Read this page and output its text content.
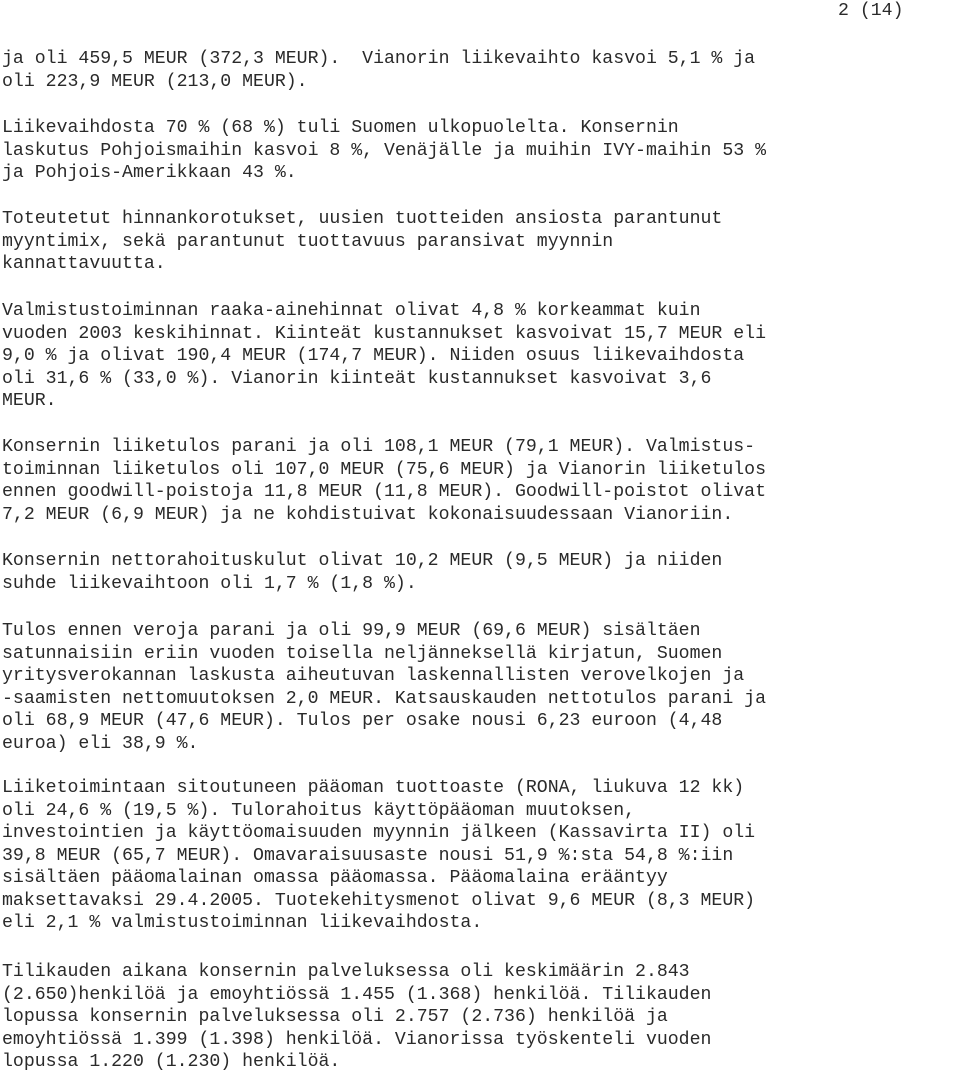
2 (14)
ja oli 459,5 MEUR (372,3 MEUR).  Vianorin liikevaihto kasvoi 5,1 % ja
oli 223,9 MEUR (213,0 MEUR).
Liikevaihdosta 70 % (68 %) tuli Suomen ulkopuolelta. Konsernin
laskutus Pohjoismaihin kasvoi 8 %, Venäjälle ja muihin IVY-maihin 53 %
ja Pohjois-Amerikkaan 43 %.
Toteutetut hinnankorotukset, uusien tuotteiden ansiosta parantunut
myyntimix, sekä parantunut tuottavuus paransivat myynnin
kannattavuutta.
Valmistustoiminnan raaka-ainehinnat olivat 4,8 % korkeammat kuin
vuoden 2003 keskihinnat. Kiinteät kustannukset kasvoivat 15,7 MEUR eli
9,0 % ja olivat 190,4 MEUR (174,7 MEUR). Niiden osuus liikevaihdosta
oli 31,6 % (33,0 %). Vianorin kiinteät kustannukset kasvoivat 3,6
MEUR.
Konsernin liiketulos parani ja oli 108,1 MEUR (79,1 MEUR). Valmistus-
toiminnan liiketulos oli 107,0 MEUR (75,6 MEUR) ja Vianorin liiketulos
ennen goodwill-poistoja 11,8 MEUR (11,8 MEUR). Goodwill-poistot olivat
7,2 MEUR (6,9 MEUR) ja ne kohdistuivat kokonaisuudessaan Vianoriin.
Konsernin nettorahoituskulut olivat 10,2 MEUR (9,5 MEUR) ja niiden
suhde liikevaihtoon oli 1,7 % (1,8 %).
Tulos ennen veroja parani ja oli 99,9 MEUR (69,6 MEUR) sisältäen
satunnaisiin eriin vuoden toisella neljänneksellä kirjatun, Suomen
yritysverokannan laskusta aiheutuvan laskennallisten verovelkojen ja
-saamisten nettomuutoksen 2,0 MEUR. Katsauskauden nettotulos parani ja
oli 68,9 MEUR (47,6 MEUR). Tulos per osake nousi 6,23 euroon (4,48
euroa) eli 38,9 %.
Liiketoimintaan sitoutuneen pääoman tuottoaste (RONA, liukuva 12 kk)
oli 24,6 % (19,5 %). Tulorahoitus käyttöpääoman muutoksen,
investointien ja käyttöomaisuuden myynnin jälkeen (Kassavirta II) oli
39,8 MEUR (65,7 MEUR). Omavaraisuusaste nousi 51,9 %:sta 54,8 %:iin
sisältäen pääomalainan omassa pääomassa. Pääomalaina erääntyy
maksettavaksi 29.4.2005. Tuotekehitysmenot olivat 9,6 MEUR (8,3 MEUR)
eli 2,1 % valmistustoiminnan liikevaihdosta.
Tilikauden aikana konsernin palveluksessa oli keskimäärin 2.843
(2.650)henkilöä ja emoyhtiössä 1.455 (1.368) henkilöä. Tilikauden
lopussa konsernin palveluksessa oli 2.757 (2.736) henkilöä ja
emoyhtiössä 1.399 (1.398) henkilöä. Vianorissa työskenteli vuoden
lopussa 1.220 (1.230) henkilöä.
